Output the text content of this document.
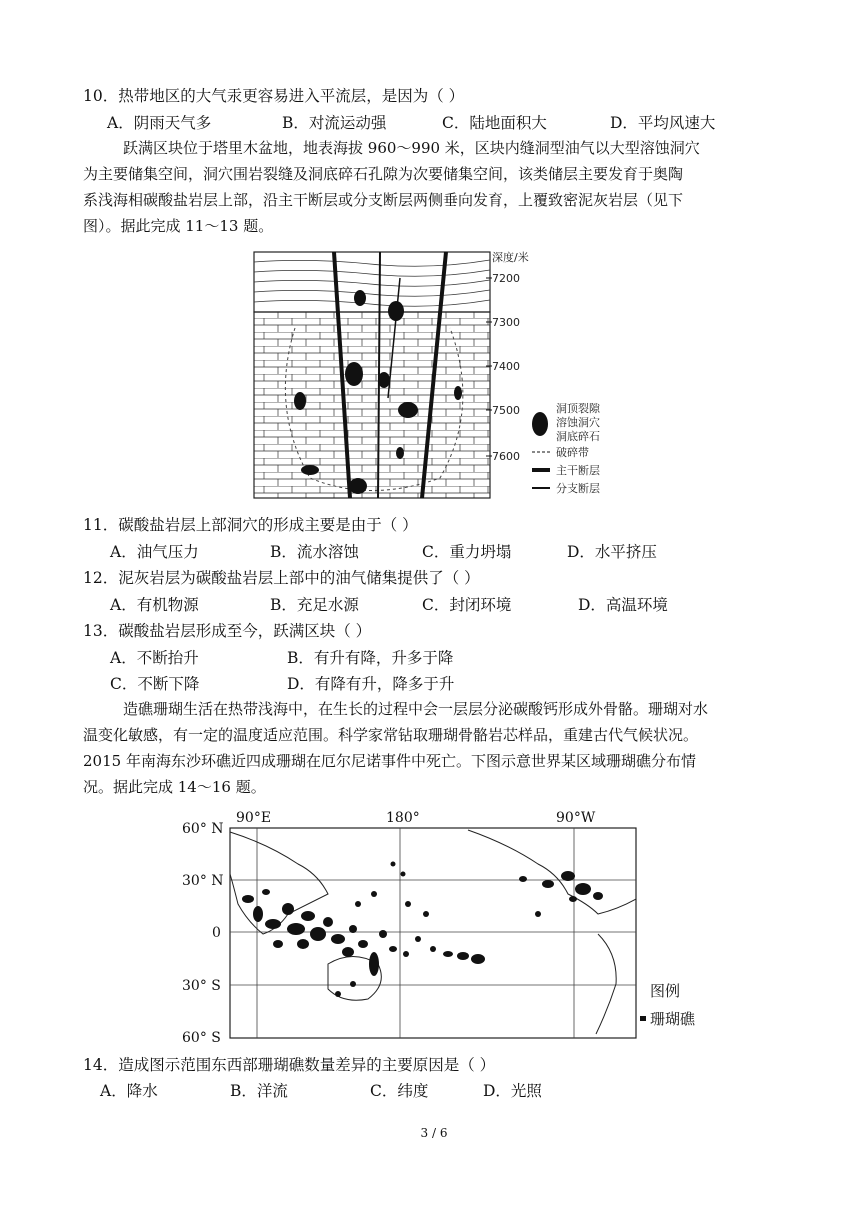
10．热带地区的大气汞更容易进入平流层，是因为（ ）
A．阴雨天气多	B．对流运动强	C．陆地面积大	D．平均风速大
跃满区块位于塔里木盆地，地表海拔 960～990 米，区块内缝洞型油气以大型溶蚀洞穴
为主要储集空间，洞穴围岩裂缝及洞底碎石孔隙为次要储集空间，该类储层主要发育于奥陶
系浅海相碳酸盐岩层上部，沿主干断层或分支断层两侧垂向发育，上覆致密泥灰岩层（见下
图）。据此完成 11～13 题。
深度/米
7200
7300
7400
7500
7600
洞顶裂隙
溶蚀洞穴
洞底碎石
破碎带
主干断层
分支断层
11．碳酸盐岩层上部洞穴的形成主要是由于（ ）
A．油气压力	B．流水溶蚀	C．重力坍塌	D．水平挤压
12．泥灰岩层为碳酸盐岩层上部中的油气储集提供了（ ）
A．有机物源	B．充足水源	C．封闭环境	D．高温环境
13．碳酸盐岩层形成至今，跃满区块（ ）
A．不断抬升	B．有升有降，升多于降
C．不断下降	D．有降有升，降多于升
造礁珊瑚生活在热带浅海中，在生长的过程中会一层层分泌碳酸钙形成外骨骼。珊瑚对水
温变化敏感，有一定的温度适应范围。科学家常钻取珊瑚骨骼岩芯样品，重建古代气候状况。
2015 年南海东沙环礁近四成珊瑚在厄尔尼诺事件中死亡。下图示意世界某区域珊瑚礁分布情
况。据此完成 14～16 题。
90°E	180°	90°W
60° N
30° N
0
30° S
60° S
图例
珊瑚礁
14．造成图示范围东西部珊瑚礁数量差异的主要原因是（ ）
A．降水	B．洋流	C．纬度	D．光照
3 / 6
